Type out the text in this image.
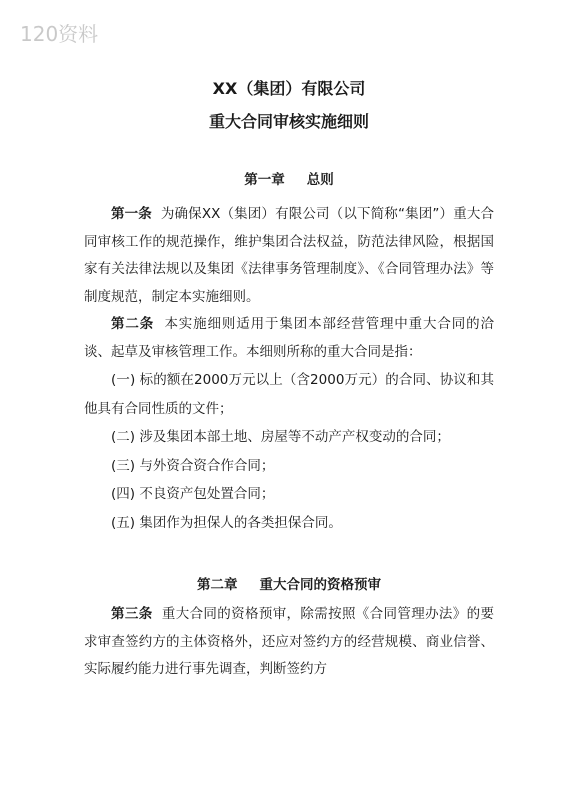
120资料

XX（集团）有限公司

重大合同审核实施细则

第一章 总则

第一条 为确保XX（集团）有限公司（以下简称“集团”）重大合同审核工作的规范操作，维护集团合法权益，防范法律风险，根据国家有关法律法规以及集团《法律事务管理制度》、《合同管理办法》等制度规范，制定本实施细则。

第二条 本实施细则适用于集团本部经营管理中重大合同的洽谈、起草及审核管理工作。本细则所称的重大合同是指：

(一) 标的额在2000万元以上（含2000万元）的合同、协议和其他具有合同性质的文件；

(二) 涉及集团本部土地、房屋等不动产产权变动的合同；

(三) 与外资合资合作合同；

(四) 不良资产包处置合同；

(五) 集团作为担保人的各类担保合同。

第二章 重大合同的资格预审

第三条 重大合同的资格预审，除需按照《合同管理办法》的要求审查签约方的主体资格外，还应对签约方的经营规模、商业信誉、实际履约能力进行事先调查，判断签约方
